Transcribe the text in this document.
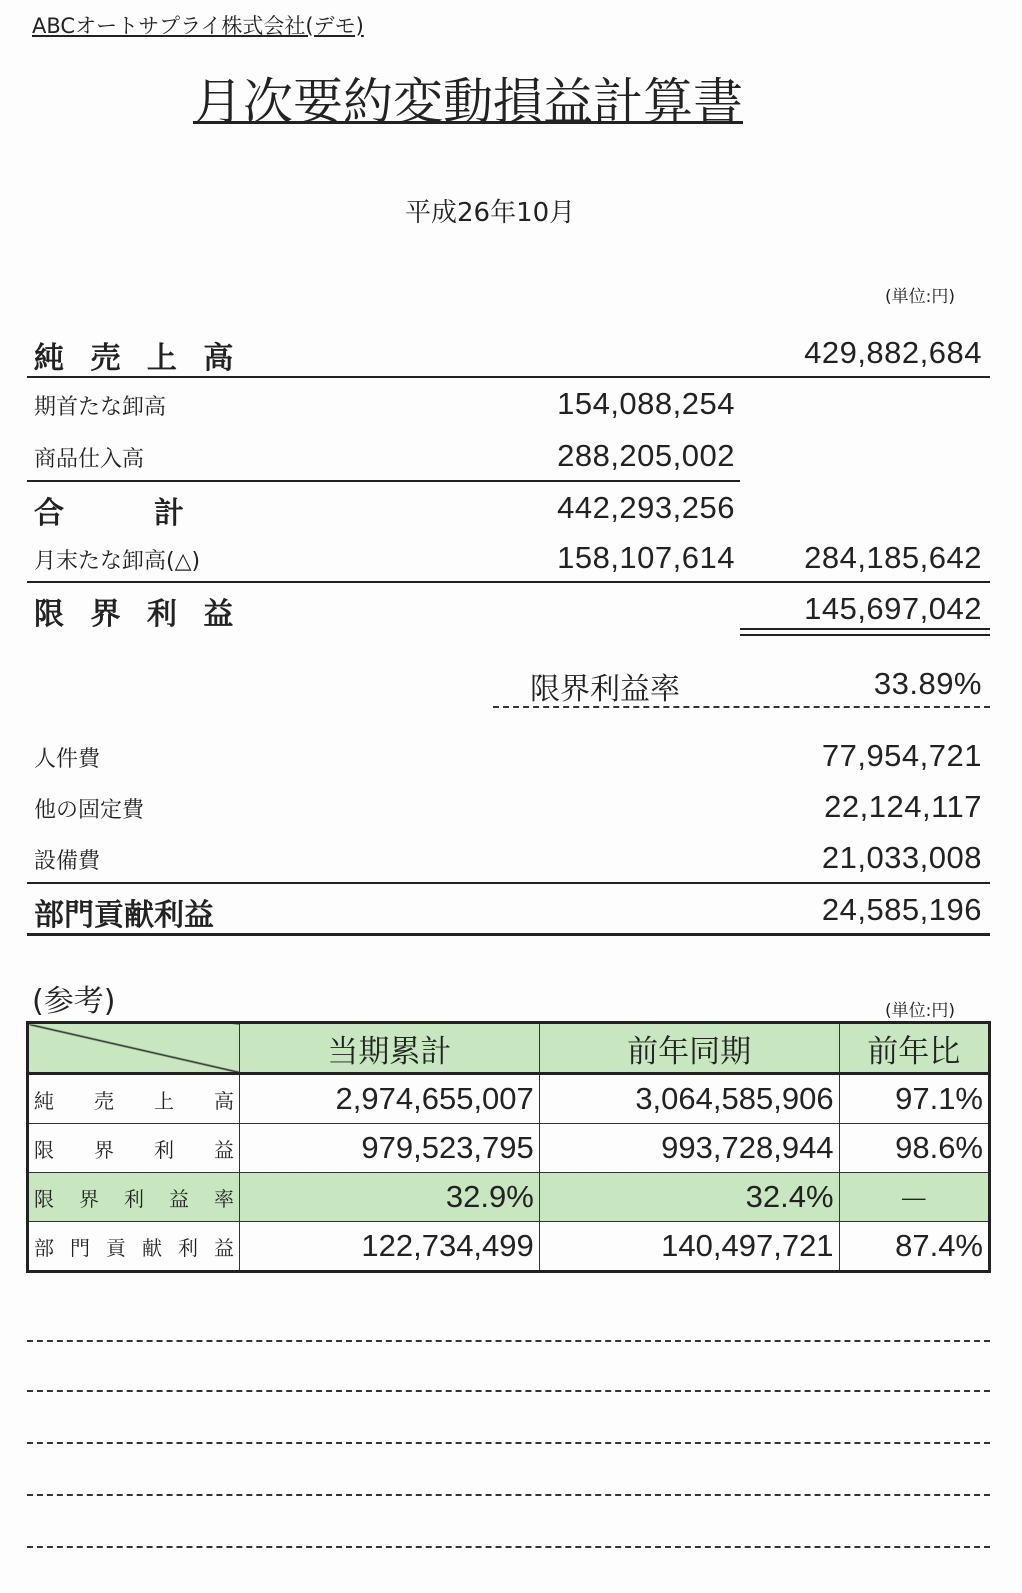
ABCオートサプライ株式会社(デモ)
月次要約変動損益計算書
平成26年10月
(単位:円)
純 売 上 高	429,882,684
期首たな卸高	154,088,254
商品仕入高	288,205,002
合　　　計	442,293,256
月末たな卸高(△)	158,107,614 284,185,642
限 界 利 益	145,697,042
限界利益率	33.89%
人件費	77,954,721
他の固定費	22,124,117
設備費	21,033,008
部門貢献利益	24,585,196
(参考)	(単位:円)
	当期累計	前年同期	前年比
純売上高	2,974,655,007	3,064,585,906	97.1%
限界利益	979,523,795	993,728,944	98.6%
限界利益率	32.9%	32.4%	－
部門貢献利益	122,734,499	140,497,721	87.4%
